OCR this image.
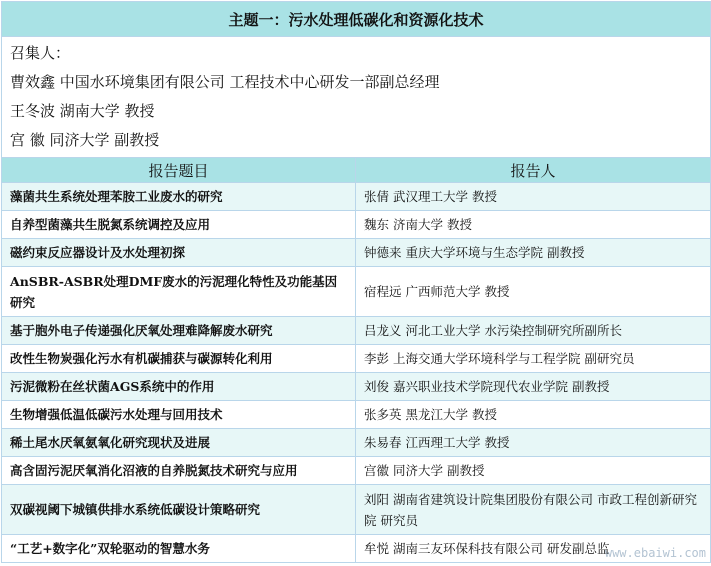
主题一：污水处理低碳化和资源化技术	

召集人：
曹效鑫 中国水环境集团有限公司 工程技术中心研发一部副总经理
王冬波 湖南大学 教授
宫 徽 同济大学 副教授	

报告题目	报告人
藻菌共生系统处理苯胺工业废水的研究	张倩 武汉理工大学 教授
自养型菌藻共生脱氮系统调控及应用	魏东 济南大学 教授
磁约束反应器设计及水处理初探	钟德来 重庆大学环境与生态学院 副教授
AnSBR-ASBR处理DMF废水的污泥理化特性及功能基因研究	宿程远 广西师范大学 教授
基于胞外电子传递强化厌氧处理难降解废水研究	吕龙义 河北工业大学 水污染控制研究所副所长
改性生物炭强化污水有机碳捕获与碳源转化利用	李彭 上海交通大学环境科学与工程学院 副研究员
污泥微粉在丝状菌AGS系统中的作用	刘俊 嘉兴职业技术学院现代农业学院 副教授
生物增强低温低碳污水处理与回用技术	张多英 黑龙江大学 教授
稀土尾水厌氧氨氧化研究现状及进展	朱易春 江西理工大学 教授
高含固污泥厌氧消化沼液的自养脱氮技术研究与应用	宫徽 同济大学 副教授
双碳视阈下城镇供排水系统低碳设计策略研究	刘阳 湖南省建筑设计院集团股份有限公司 市政工程创新研究院 研究员
“工艺+数字化”双轮驱动的智慧水务	牟悦 湖南三友环保科技有限公司 研发副总监
www.ebaiwi.com
